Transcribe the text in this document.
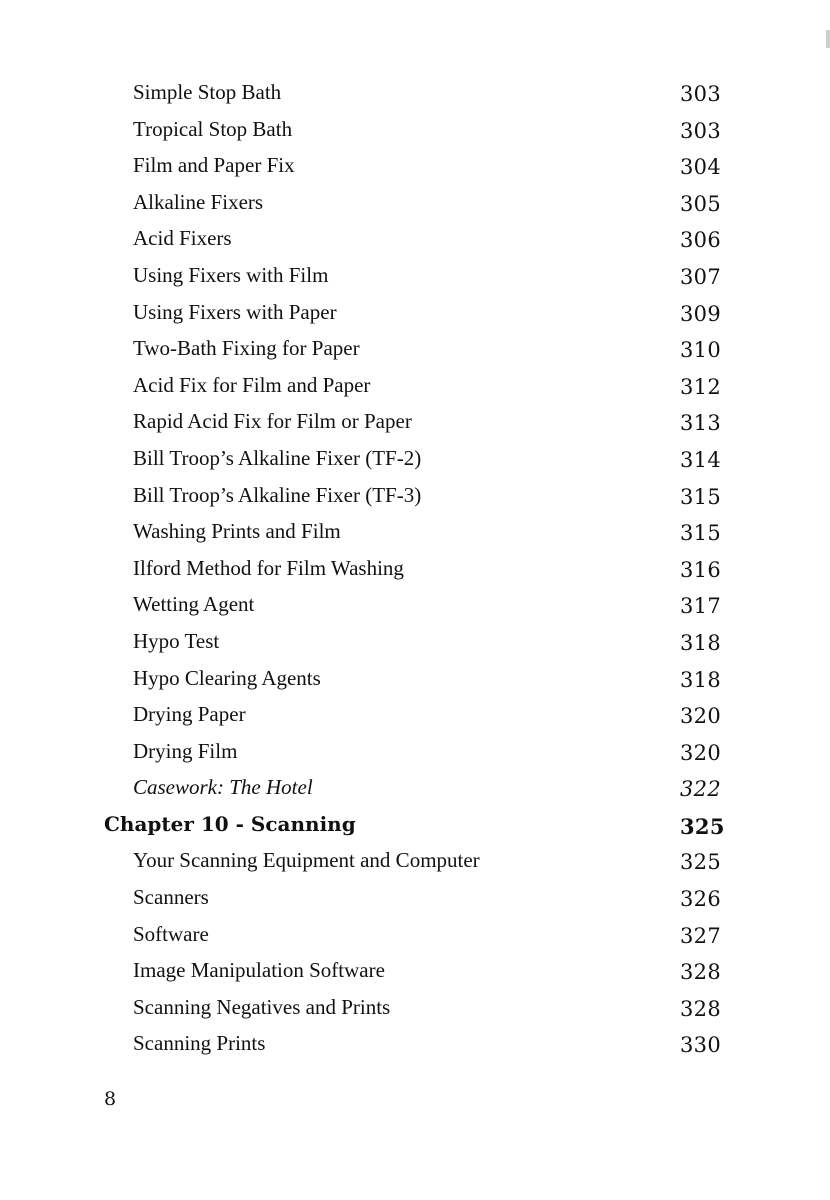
Simple Stop Bath	303
Tropical Stop Bath	303
Film and Paper Fix	304
Alkaline Fixers	305
Acid Fixers	306
Using Fixers with Film	307
Using Fixers with Paper	309
Two-Bath Fixing for Paper	310
Acid Fix for Film and Paper	312
Rapid Acid Fix for Film or Paper	313
Bill Troop’s Alkaline Fixer (TF-2)	314
Bill Troop’s Alkaline Fixer (TF-3)	315
Washing Prints and Film	315
Ilford Method for Film Washing	316
Wetting Agent	317
Hypo Test	318
Hypo Clearing Agents	318
Drying Paper	320
Drying Film	320
Casework: The Hotel	322
Chapter 10 - Scanning	325
Your Scanning Equipment and Computer	325
Scanners	326
Software	327
Image Manipulation Software	328
Scanning Negatives and Prints	328
Scanning Prints	330
8
